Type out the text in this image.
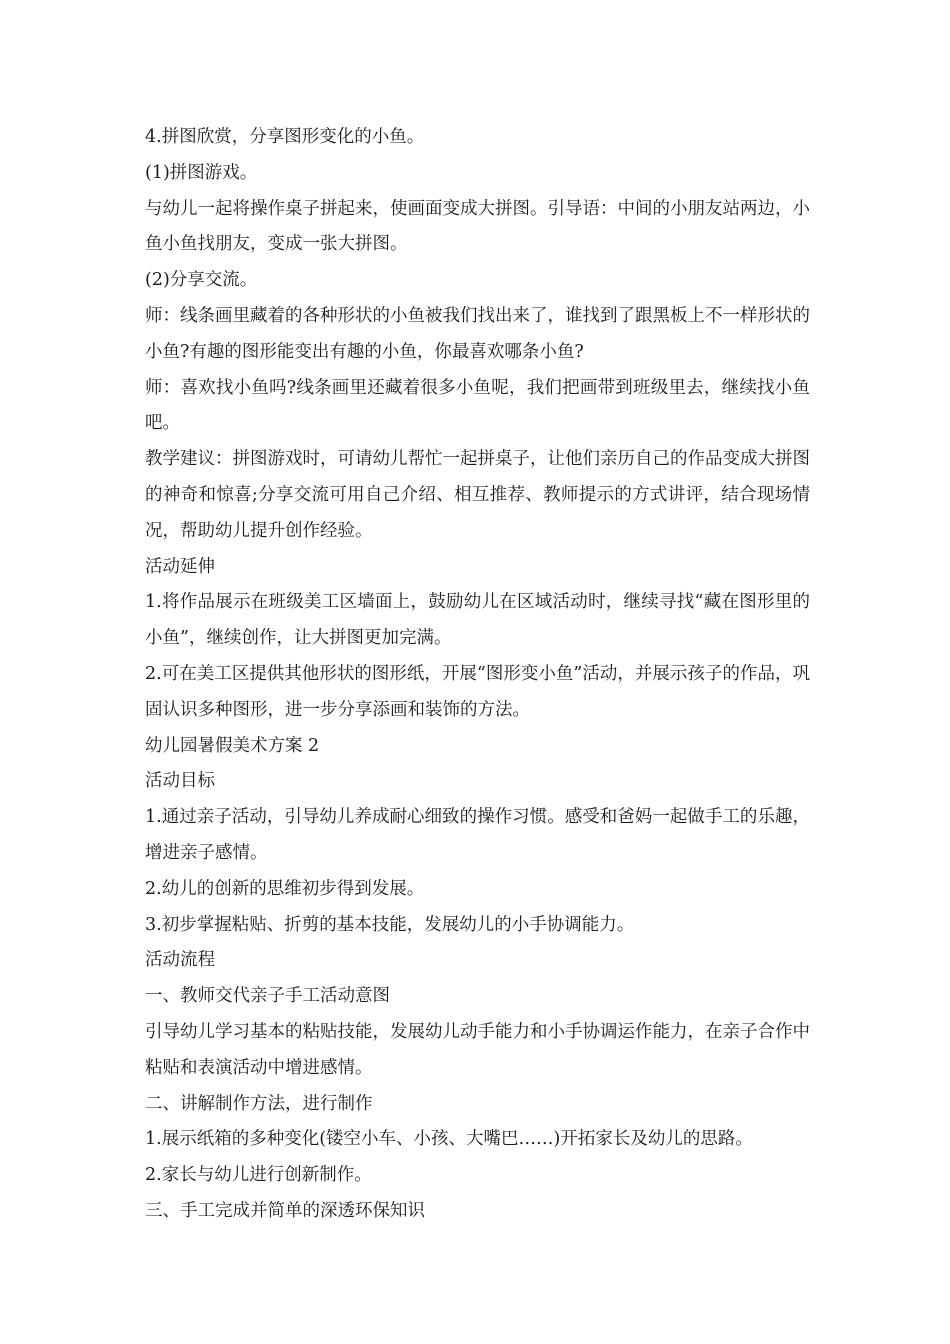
4.拼图欣赏，分享图形变化的小鱼。

(1)拼图游戏。

与幼儿一起将操作桌子拼起来，使画面变成大拼图。引导语：中间的小朋友站两边，小鱼小鱼找朋友，变成一张大拼图。

(2)分享交流。

师：线条画里藏着的各种形状的小鱼被我们找出来了，谁找到了跟黑板上不一样形状的小鱼?有趣的图形能变出有趣的小鱼，你最喜欢哪条小鱼?

师：喜欢找小鱼吗?线条画里还藏着很多小鱼呢，我们把画带到班级里去，继续找小鱼吧。

教学建议：拼图游戏时，可请幼儿帮忙一起拼桌子，让他们亲历自己的作品变成大拼图的神奇和惊喜;分享交流可用自己介绍、相互推荐、教师提示的方式讲评，结合现场情况，帮助幼儿提升创作经验。

活动延伸

1.将作品展示在班级美工区墙面上，鼓励幼儿在区域活动时，继续寻找“藏在图形里的小鱼”，继续创作，让大拼图更加完满。

2.可在美工区提供其他形状的图形纸，开展“图形变小鱼”活动，并展示孩子的作品，巩固认识多种图形，进一步分享添画和装饰的方法。

幼儿园暑假美术方案 2

活动目标

1.通过亲子活动，引导幼儿养成耐心细致的操作习惯。感受和爸妈一起做手工的乐趣，增进亲子感情。

2.幼儿的创新的思维初步得到发展。

3.初步掌握粘贴、折剪的基本技能，发展幼儿的小手协调能力。

活动流程

一、教师交代亲子手工活动意图

引导幼儿学习基本的粘贴技能，发展幼儿动手能力和小手协调运作能力，在亲子合作中粘贴和表演活动中增进感情。

二、讲解制作方法，进行制作

1.展示纸箱的多种变化(镂空小车、小孩、大嘴巴……)开拓家长及幼儿的思路。

2.家长与幼儿进行创新制作。

三、手工完成并简单的深透环保知识
